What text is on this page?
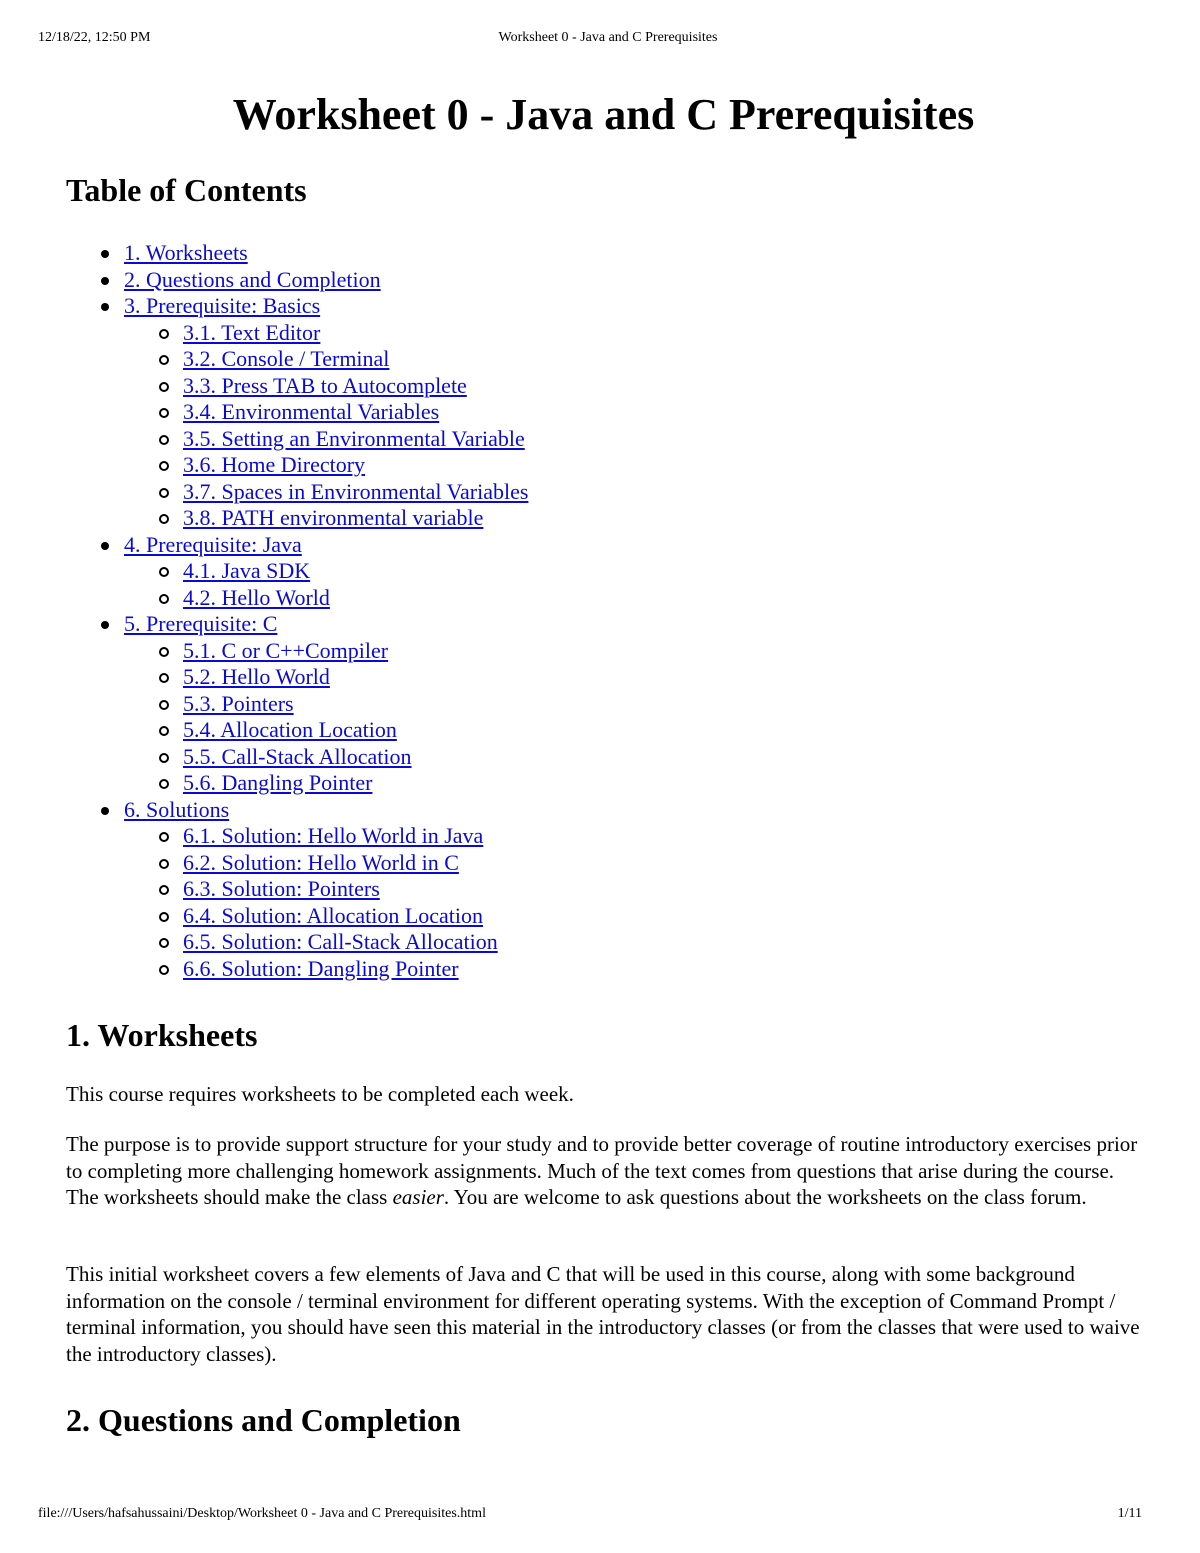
12/18/22, 12:50 PM	Worksheet 0 - Java and C Prerequisites
Worksheet 0 - Java and C Prerequisites
Table of Contents
1. Worksheets
2. Questions and Completion
3. Prerequisite: Basics
3.1. Text Editor
3.2. Console / Terminal
3.3. Press TAB to Autocomplete
3.4. Environmental Variables
3.5. Setting an Environmental Variable
3.6. Home Directory
3.7. Spaces in Environmental Variables
3.8. PATH environmental variable
4. Prerequisite: Java
4.1. Java SDK
4.2. Hello World
5. Prerequisite: C
5.1. C or C++Compiler
5.2. Hello World
5.3. Pointers
5.4. Allocation Location
5.5. Call-Stack Allocation
5.6. Dangling Pointer
6. Solutions
6.1. Solution: Hello World in Java
6.2. Solution: Hello World in C
6.3. Solution: Pointers
6.4. Solution: Allocation Location
6.5. Solution: Call-Stack Allocation
6.6. Solution: Dangling Pointer
1. Worksheets

This course requires worksheets to be completed each week.

The purpose is to provide support structure for your study and to provide better coverage of routine introductory exercises prior to completing more challenging homework assignments. Much of the text comes from questions that arise during the course. The worksheets should make the class easier. You are welcome to ask questions about the worksheets on the class forum.

This initial worksheet covers a few elements of Java and C that will be used in this course, along with some background information on the console / terminal environment for different operating systems. With the exception of Command Prompt / terminal information, you should have seen this material in the introductory classes (or from the classes that were used to waive the introductory classes).

2. Questions and Completion
file:///Users/hafsahussaini/Desktop/Worksheet 0 - Java and C Prerequisites.html	1/11
